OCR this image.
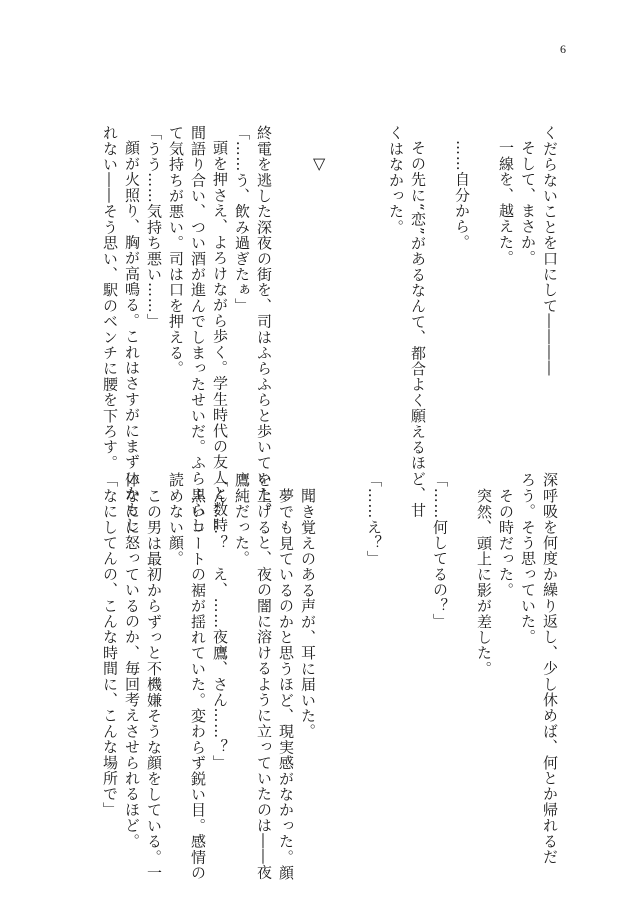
6

くだらないことを口にして――――

そして、まさか。

一線を、越えた。

……自分から。

その先に“恋”があるなんて、都合よく願えるほど、甘

くはなかった。

▽

終電を逃した深夜の街を、司はふらふらと歩いていた。

「……う、飲み過ぎたぁ」

頭を押さえ、よろけながら歩く。学生時代の友人と数時

間語り合い、つい酒が進んでしまったせいだ。ふらふらし

て気持ちが悪い。司は口を押える。

「うう……気持ち悪い……」

顔が火照り、胸が高鳴る。これはさすがにまずいかもし

れない――そう思い、駅のベンチに腰を下ろす。

深呼吸を何度か繰り返し、少し休めば、何とか帰れるだ

ろう。そう思っていた。

その時だった。

突然、頭上に影が差した。

「……何してるの？」

「……え？」

聞き覚えのある声が、耳に届いた。

夢でも見ているのかと思うほど、現実感がなかった。顔

を上げると、夜の闇に溶けるように立っていたのは――夜

鷹純だった。

「ん……？　え、……夜鷹、さん……？」

黒いコートの裾が揺れていた。変わらず鋭い目。感情の

読めない顔。

この男は最初からずっと不機嫌そうな顔をしている。一

体なにに怒っているのか、毎回考えさせられるほど。

「なにしてんの、こんな時間に、こんな場所で」
